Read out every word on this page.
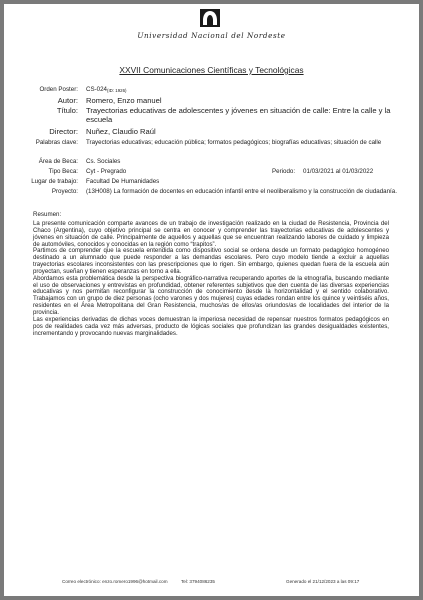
Universidad Nacional del Nordeste
XXVII Comunicaciones Científicas y Tecnológicas
Orden Poster: CS-024 (ID: 1926)
Autor: Romero, Enzo manuel
Título: Trayectorias educativas de adolescentes y jóvenes en situación de calle: Entre la calle y la
escuela
Director: Nuñez, Claudio Raúl
Palabras clave: Trayectorias educativas; educación pública; formatos pedagógicos; biografías educativas; situación de calle
Área de Beca: Cs. Sociales
Tipo Beca: Cyt - Pregrado	Periodo: 01/03/2021 al 01/03/2022
Lugar de trabajo: Facultad De Humanidades
Proyecto: (13H008) La formación de docentes en educación infantil entre el neoliberalismo y la construcción de ciudadanía.
Resumen:

La presente comunicación comparte avances de un trabajo de investigación realizado en la ciudad de Resistencia, Provincia del Chaco (Argentina), cuyo objetivo principal se centra en conocer y comprender las trayectorias educativas de adolescentes y jóvenes en situación de calle. Principalmente de aquellos y aquellas que se encuentran realizando labores de cuidado y limpieza de automóviles, conocidos y conocidas en la región como “trapitos”.

Partimos de comprender que la escuela entendida como dispositivo social se ordena desde un formato pedagógico homogéneo destinado a un alumnado que puede responder a las demandas escolares. Pero cuyo modelo tiende a excluir a aquellas trayectorias escolares inconsistentes con las prescripciones que lo rigen. Sin embargo, quienes quedan fuera de la escuela aún proyectan, sueñan y tienen esperanzas en torno a ella.

Abordamos esta problemática desde la perspectiva biográfico-narrativa recuperando aportes de la etnografía, buscando mediante el uso de observaciones y entrevistas en profundidad, obtener referentes subjetivos que den cuenta de las diversas experiencias educativas y nos permitan reconfigurar la construcción de conocimiento desde la horizontalidad y el sentido colaborativo. Trabajamos con un grupo de diez personas (ocho varones y dos mujeres) cuyas edades rondan entre los quince y veintiséis años, residentes en el Área Metropolitana del Gran Resistencia, muchos/as de ellos/as oriundos/as de localidades del interior de la provincia.

Las experiencias derivadas de dichas voces demuestran la imperiosa necesidad de repensar nuestros formatos pedagógicos en pos de realidades cada vez más adversas, producto de lógicas sociales que profundizan las grandes desigualdades existentes, incrementando y provocando nuevas marginalidades.

Correo electrónico: enzo.romero1996@hotmail.com	Tel: 3794086235	Generado el 21/12/2023 a las 09:17
